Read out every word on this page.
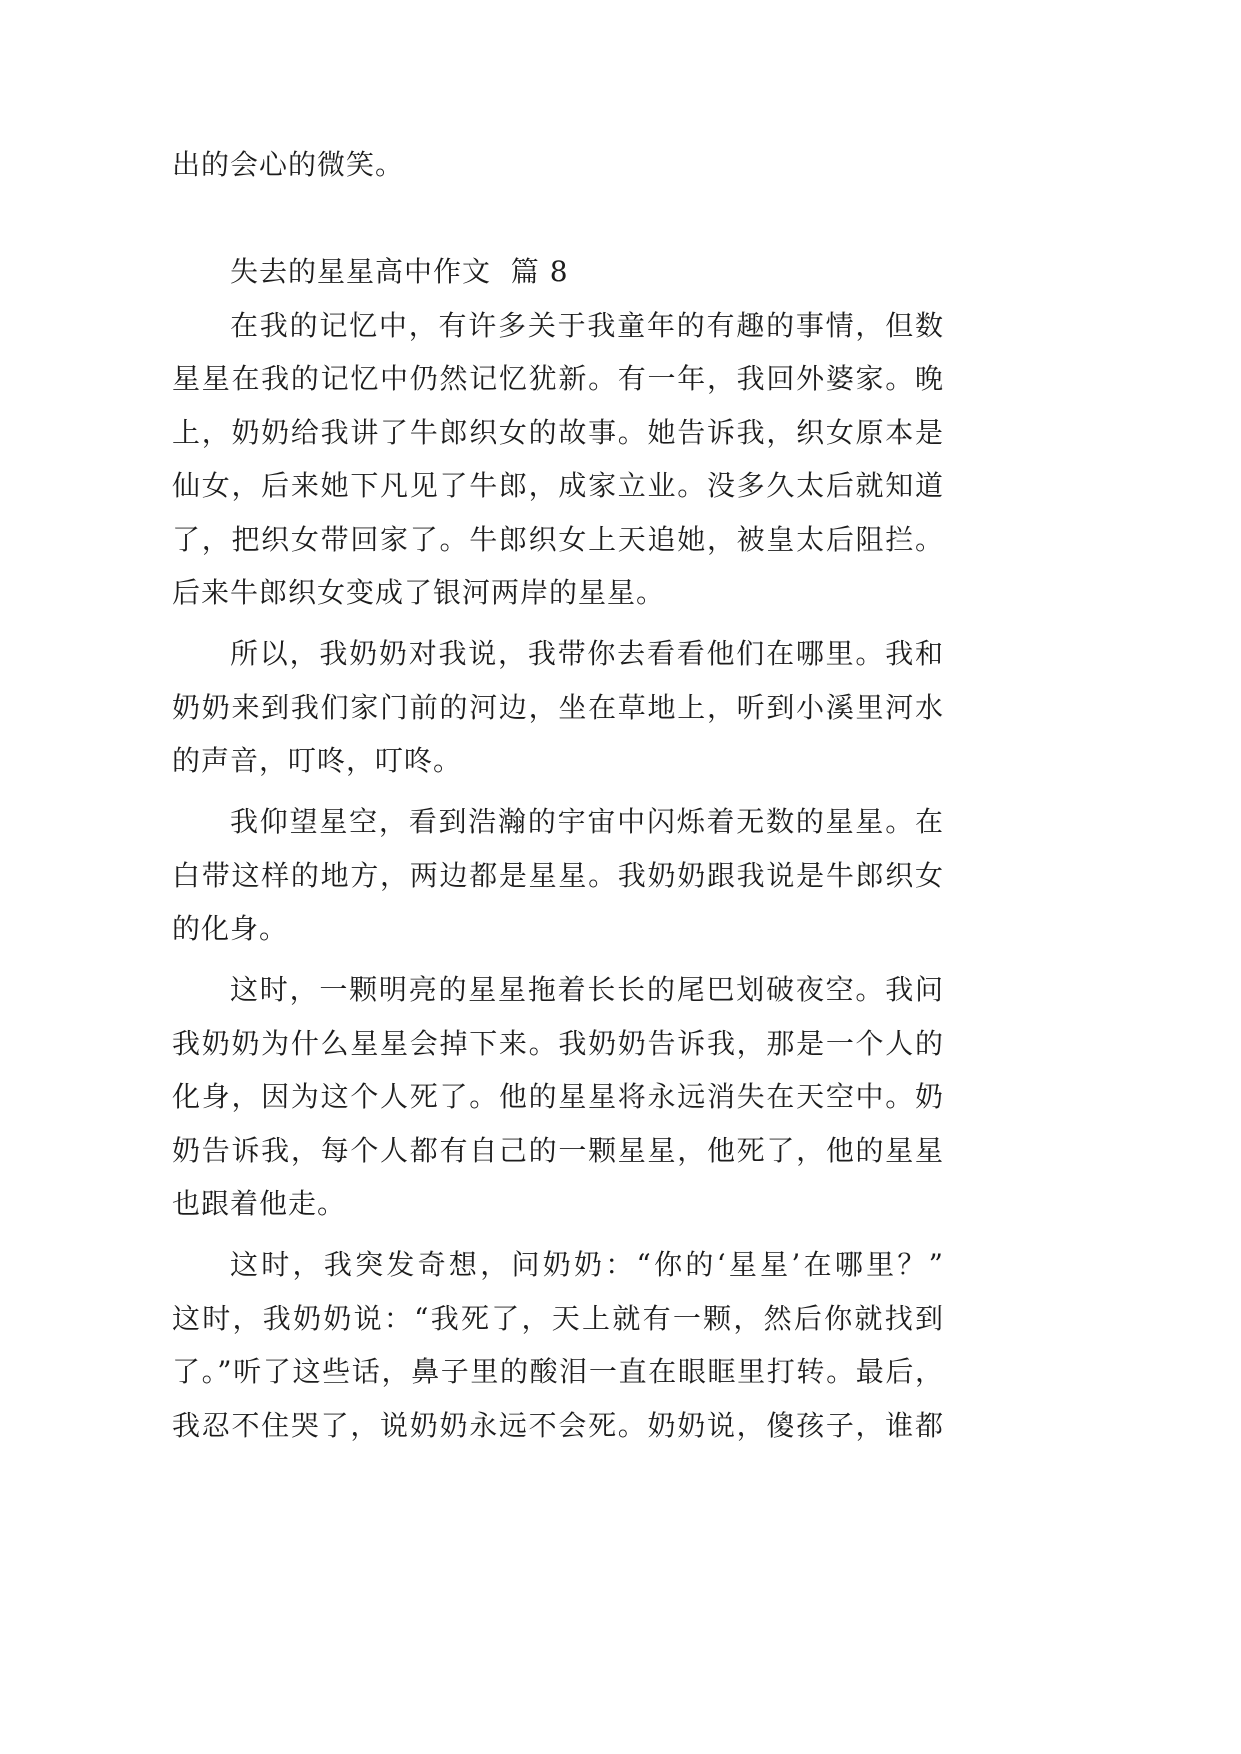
出的会心的微笑。
失去的星星高中作文  篇 8
在我的记忆中，有许多关于我童年的有趣的事情，但数
星星在我的记忆中仍然记忆犹新。有一年，我回外婆家。晚
上，奶奶给我讲了牛郎织女的故事。她告诉我，织女原本是
仙女，后来她下凡见了牛郎，成家立业。没多久太后就知道
了，把织女带回家了。牛郎织女上天追她，被皇太后阻拦。
后来牛郎织女变成了银河两岸的星星。
所以，我奶奶对我说，我带你去看看他们在哪里。我和
奶奶来到我们家门前的河边，坐在草地上，听到小溪里河水
的声音，叮咚，叮咚。
我仰望星空，看到浩瀚的宇宙中闪烁着无数的星星。在
白带这样的地方，两边都是星星。我奶奶跟我说是牛郎织女
的化身。
这时，一颗明亮的星星拖着长长的尾巴划破夜空。我问
我奶奶为什么星星会掉下来。我奶奶告诉我，那是一个人的
化身，因为这个人死了。他的星星将永远消失在天空中。奶
奶告诉我，每个人都有自己的一颗星星，他死了，他的星星
也跟着他走。
这时，我突发奇想，问奶奶：“你的‘星星’在哪里？”
这时，我奶奶说：“我死了，天上就有一颗，然后你就找到
了。”听了这些话，鼻子里的酸泪一直在眼眶里打转。最后，
我忍不住哭了，说奶奶永远不会死。奶奶说，傻孩子，谁都
